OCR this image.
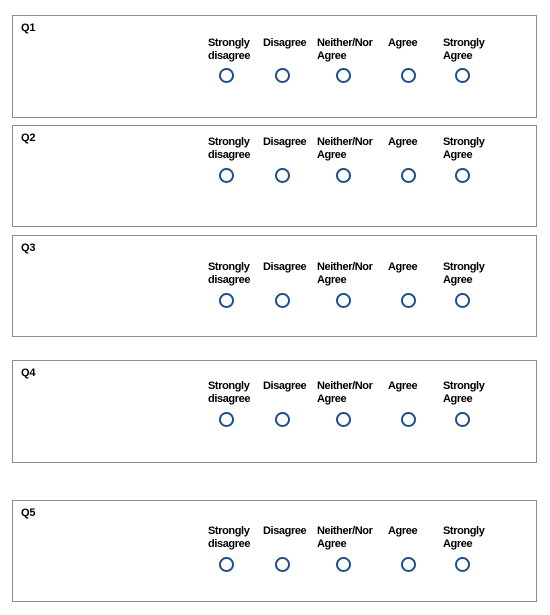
Q1
Strongly
disagree
Disagree Neither/Nor
Agree
Agree Strongly
Agree
Q2	Strongly
disagree
Disagree Neither/Nor
Agree
Agree Strongly
Agree
Q3
Strongly
disagree
Disagree Neither/Nor
Agree
Agree Strongly
Agree
Q4
Strongly
disagree
Disagree Neither/Nor
Agree
Agree Strongly
Agree
Q5
Strongly
disagree
Disagree Neither/Nor
Agree
Agree Strongly
Agree
